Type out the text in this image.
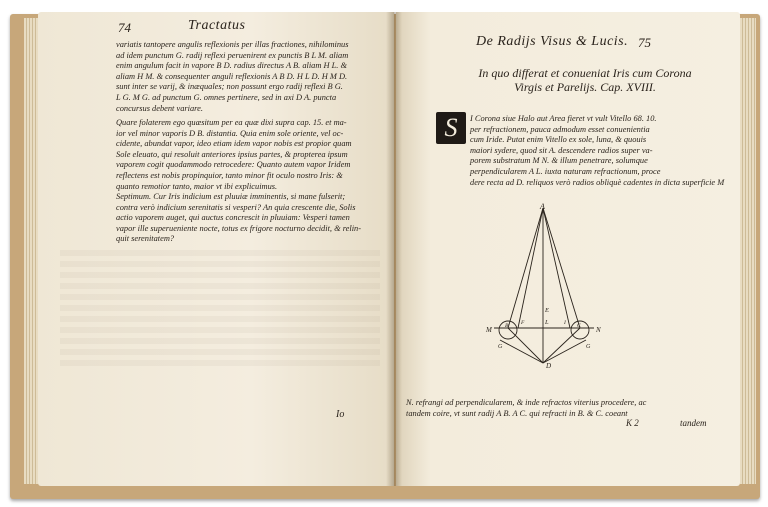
74	Tractatus
variatis tantopere angulis reflexionis per illas fractiones, nihilominus
ad idem punctum G. radij reflexi peruenirent ex punctis B L M. aliam
enim angulum facit in vapore B D. radius directus A B. aliam H L. &
aliam H M. & consequenter anguli reflexionis A B D. H L D. H M D.
sunt inter se varij, & inæquales; non possunt ergo radij reflexi B G.
L G. M G. ad punctum G. omnes pertinere, sed in axi D A. puncta
concursus debent variare.
Quare folaterem ego quæsitum per ea quæ dixi supra cap. 15. et ma-
ior vel minor vaporis D B. distantia. Quia enim sole oriente, vel oc-
cidente, abundat vapor, ideo etiam idem vapor nobis est propior quam
Sole eleuato, qui resoluit anteriores ipsius partes, & propterea ipsum
vaporem cogit quodammodo retrocedere: Quanto autem vapor Iridem
reflectens est nobis propinquior, tanto minor fit oculo nostro Iris: &
quanto remotior tanto, maior vt ibi explicuimus.
Septimum. Cur Iris indicium est pluuiæ imminentis, si mane fulserit;
contra verò indicium serenitatis si vesperi? An quia crescente die, Solis
actio vaporem auget, qui auctus concrescit in pluuiam: Vesperi tamen
vapor ille superueniente nocte, totus ex frigore nocturno decidit, & relin-
quit serenitatem?
Io
De Radijs Visus & Lucis. 75
In quo differat et conueniat Iris cum Corona
Virgis et Parelijs. Cap. XVIII.
S	I Corona siue Halo aut Area fieret vt vult Vitello 68. 10.
per refractionem, pauca admodum esset conuenientia
cum Iride. Putat enim Vitello ex sole, luna, & quouis
maiori sydere, quod sit A. descendere radios super va-
porem substratum M N. & illum penetrare, solumque
perpendicularem A L. iuxta naturam refractionum, proce
dere recta ad D. reliquos verò radios obliquè cadentes in dicta superficie M
A
M	N
D
L
E
B	C
F	I
G	G
N. refrangi ad perpendicularem, & inde refractos viterius procedere, ac
tandem coire, vt sunt radij A B. A C. qui refracti in B. & C. coeant
K 2	tandem
